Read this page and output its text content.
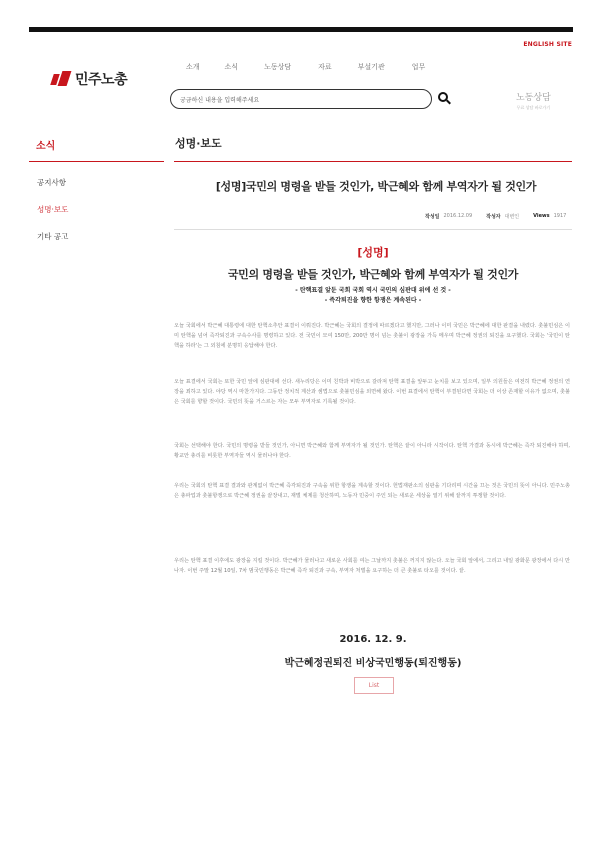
ENGLISH SITE
민주노총
소개	소식	노동상담	자료	부설기관	업무
궁금하신 내용을 입력해주세요	노동상담
무료 상담 바로가기
소식
공지사항
성명·보도
기타 공고
성명·보도
[성명]국민의 명령을 받들 것인가, 박근혜와 함께 부역자가 될 것인가
작성일 2016.12.09	작성자 대변인	Views 1917
[성명]
국민의 명령을 받들 것인가, 박근혜와 함께 부역자가 될 것인가
- 탄핵표결 앞둔 국회 국회 역시 국민의 심판대 위에 선 것 -
- 즉각퇴진을 향한 항쟁은 계속된다 -

오늘 국회에서 박근혜 대통령에 대한 탄핵소추안 표결이 이뤄진다. 박근혜는 국회의 결정에 따르겠다고 했지만, 그러나 이미 국민은 박근혜에 대한 판결을 내렸다. 촛불민심은 이미 탄핵을 넘어 즉각퇴진과 구속수사를 명령하고 있다. 전 국민이 모여 150만, 200만 명이 넘는 촛불이 광장을 가득 메우며 박근혜 정권의 퇴진을 요구했다. 국회는 '국민이 탄핵을 하라'는 그 외침에 분명히 응답해야 한다.

오늘 표결에서 국회는 또한 국민 앞에 심판대에 선다. 새누리당은 이미 친박과 비박으로 갈라져 탄핵 표결을 앞두고 눈치를 보고 있으며, 일부 의원들은 여전히 박근혜 정권의 연장을 꾀하고 있다. 야당 역시 마찬가지다. 그동안 정치적 계산과 셈법으로 촛불민심을 외면해 왔다. 이번 표결에서 탄핵이 부결된다면 국회는 더 이상 존재할 이유가 없으며, 촛불은 국회를 향할 것이다. 국민의 뜻을 거스르는 자는 모두 부역자로 기록될 것이다.

국회는 선택해야 한다. 국민의 명령을 받들 것인가, 아니면 박근혜와 함께 부역자가 될 것인가. 탄핵은 끝이 아니라 시작이다. 탄핵 가결과 동시에 박근혜는 즉각 퇴진해야 하며, 황교안 총리를 비롯한 부역자들 역시 물러나야 한다.

우리는 국회의 탄핵 표결 결과와 관계없이 박근혜 즉각퇴진과 구속을 위한 항쟁을 계속할 것이다. 헌법재판소의 심판을 기다리며 시간을 끄는 것은 국민의 뜻이 아니다. 민주노총은 총파업과 촛불항쟁으로 박근혜 정권을 끝장내고, 재벌 체제를 청산하며, 노동자 민중이 주인 되는 새로운 세상을 열기 위해 끝까지 투쟁할 것이다.

우리는 탄핵 표결 이후에도 광장을 지킬 것이다. 박근혜가 물러나고 새로운 사회를 여는 그날까지 촛불은 꺼지지 않는다. 오늘 국회 앞에서, 그리고 내일 광화문 광장에서 다시 만나자. 이번 주말 12월 10일, 7차 범국민행동은 박근혜 즉각 퇴진과 구속, 부역자 처벌을 요구하는 더 큰 촛불로 타오를 것이다. 끝.

2016. 12. 9.
박근혜정권퇴진 비상국민행동(퇴진행동)
List
